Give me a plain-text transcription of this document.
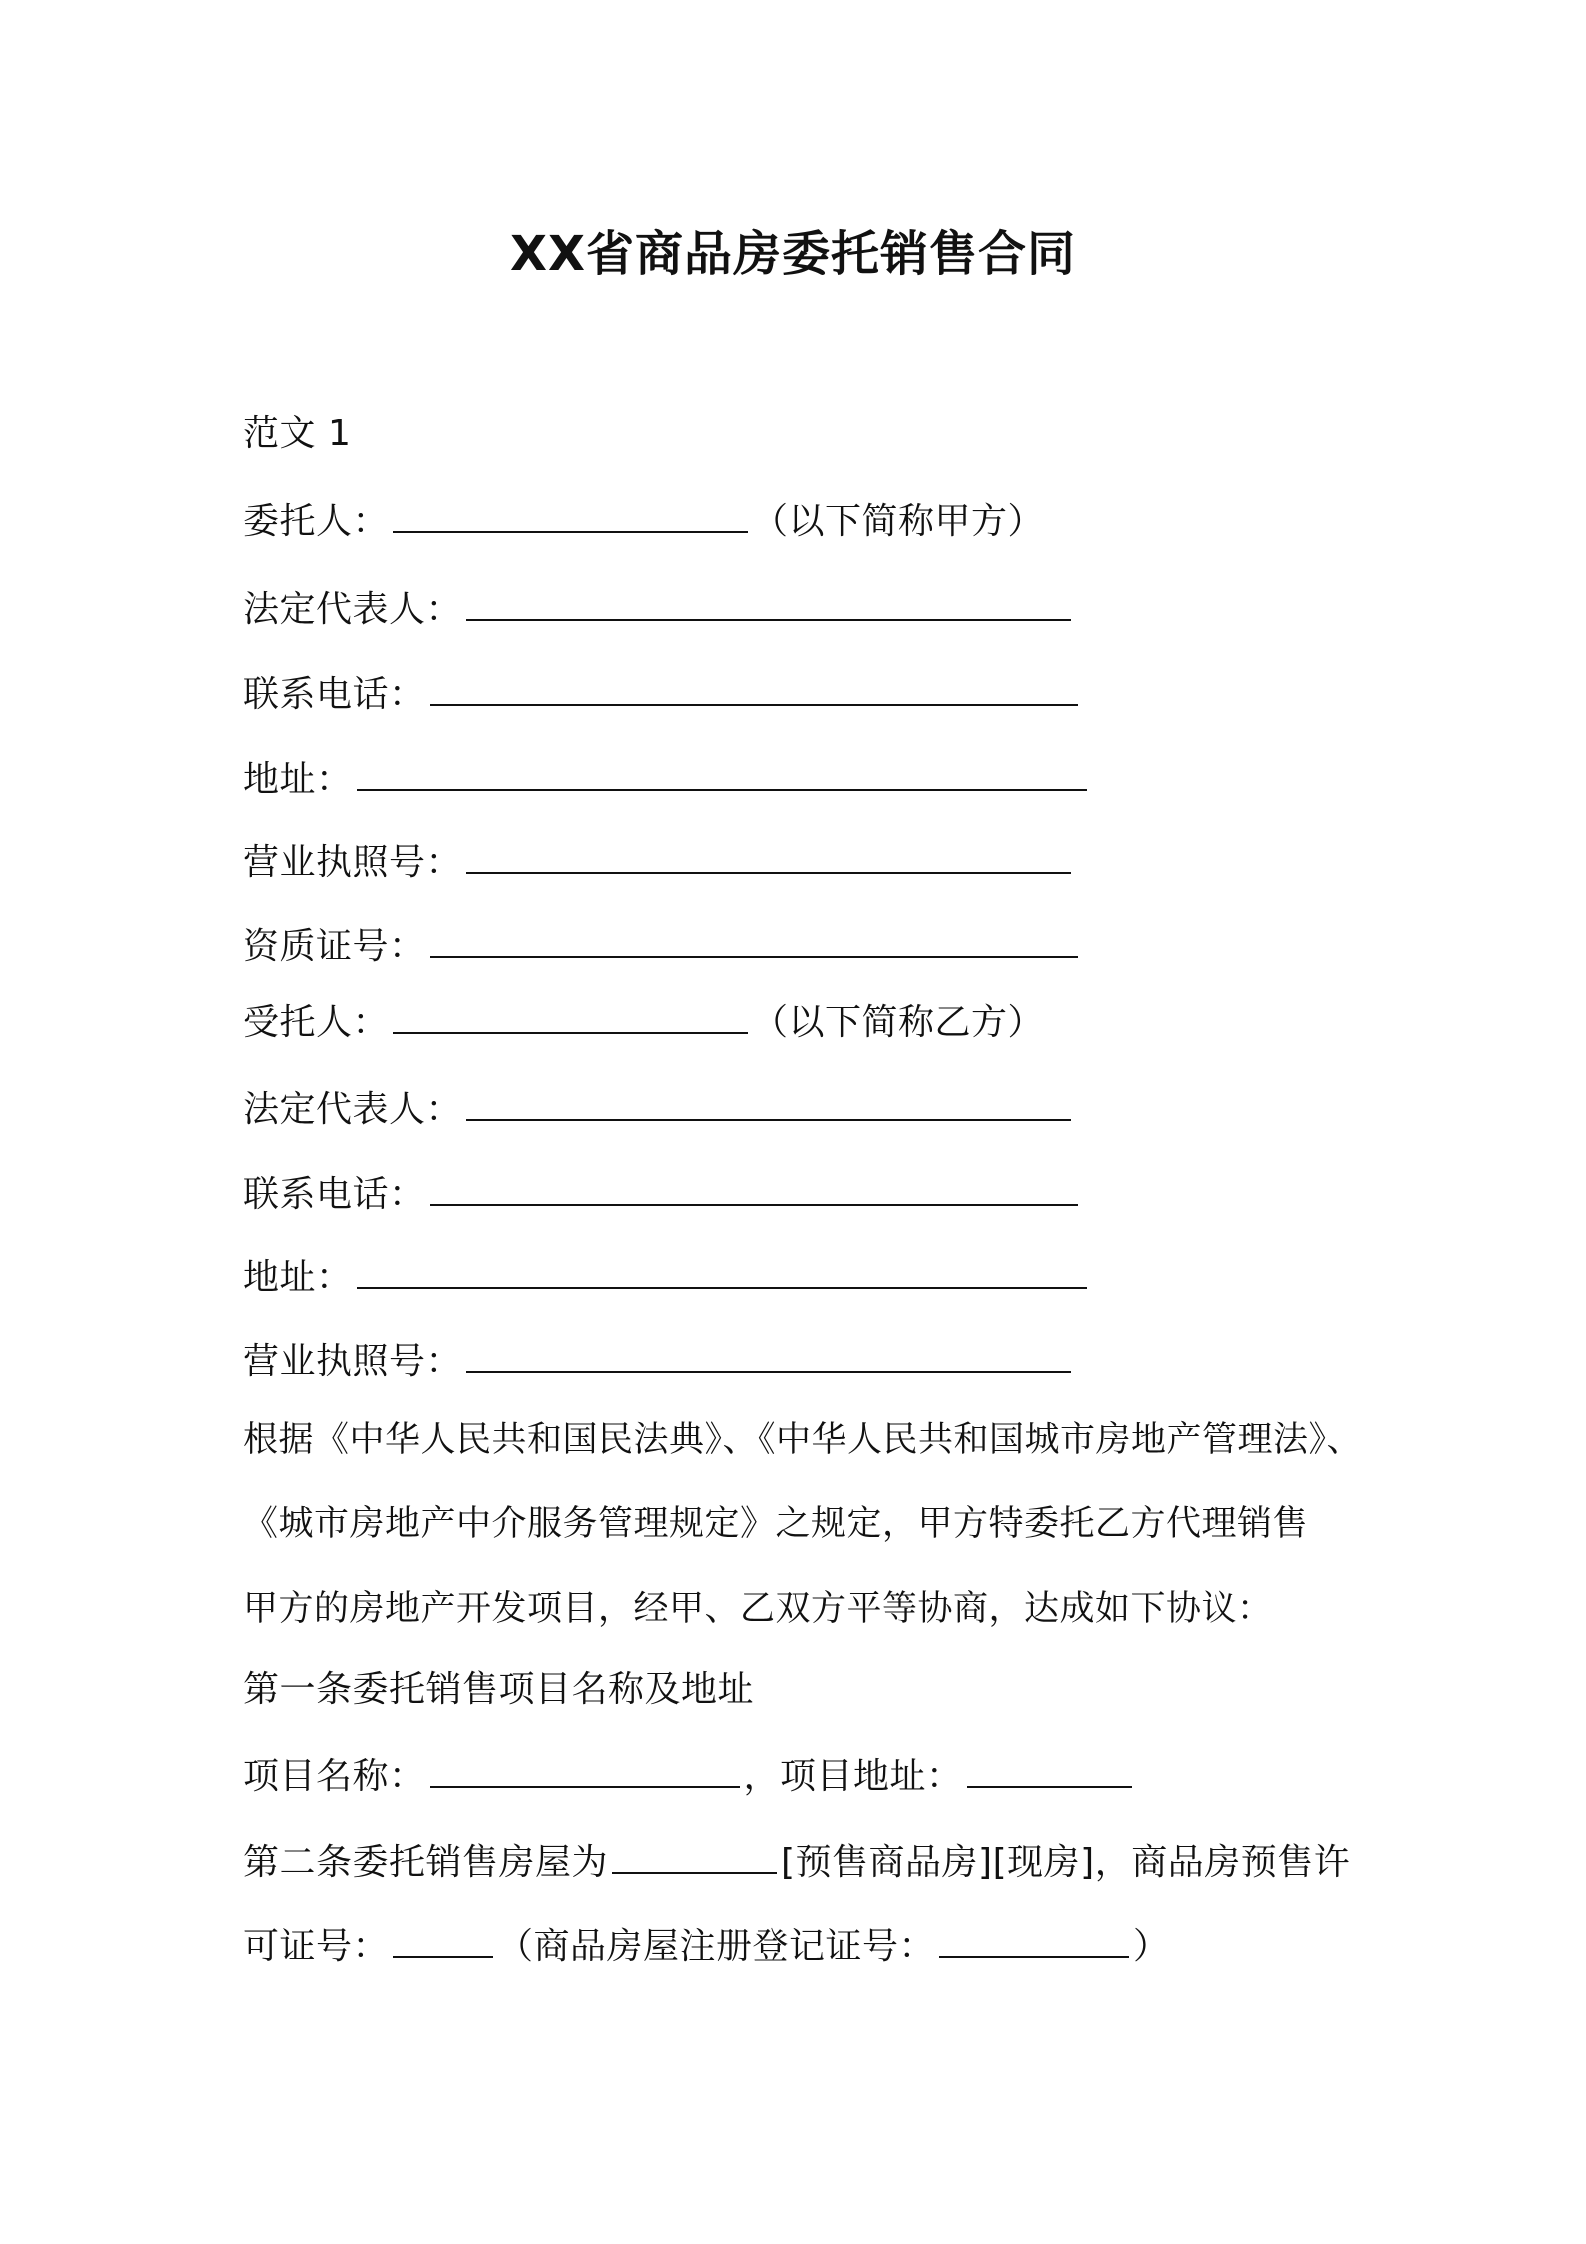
XX省商品房委托销售合同
范文 1
委托人：	（以下简称甲方）
法定代表人：
联系电话：
地址：
营业执照号：
资质证号：
受托人：	（以下简称乙方）
法定代表人：
联系电话：
地址：
营业执照号：
根据《中华人民共和国民法典》、《中华人民共和国城市房地产管理法》、
《城市房地产中介服务管理规定》之规定，甲方特委托乙方代理销售
甲方的房地产开发项目，经甲、乙双方平等协商，达成如下协议：
第一条委托销售项目名称及地址
项目名称：	，项目地址：
第二条委托销售房屋为	[预售商品房][现房]，商品房预售许
可证号：	（商品房屋注册登记证号：	）
